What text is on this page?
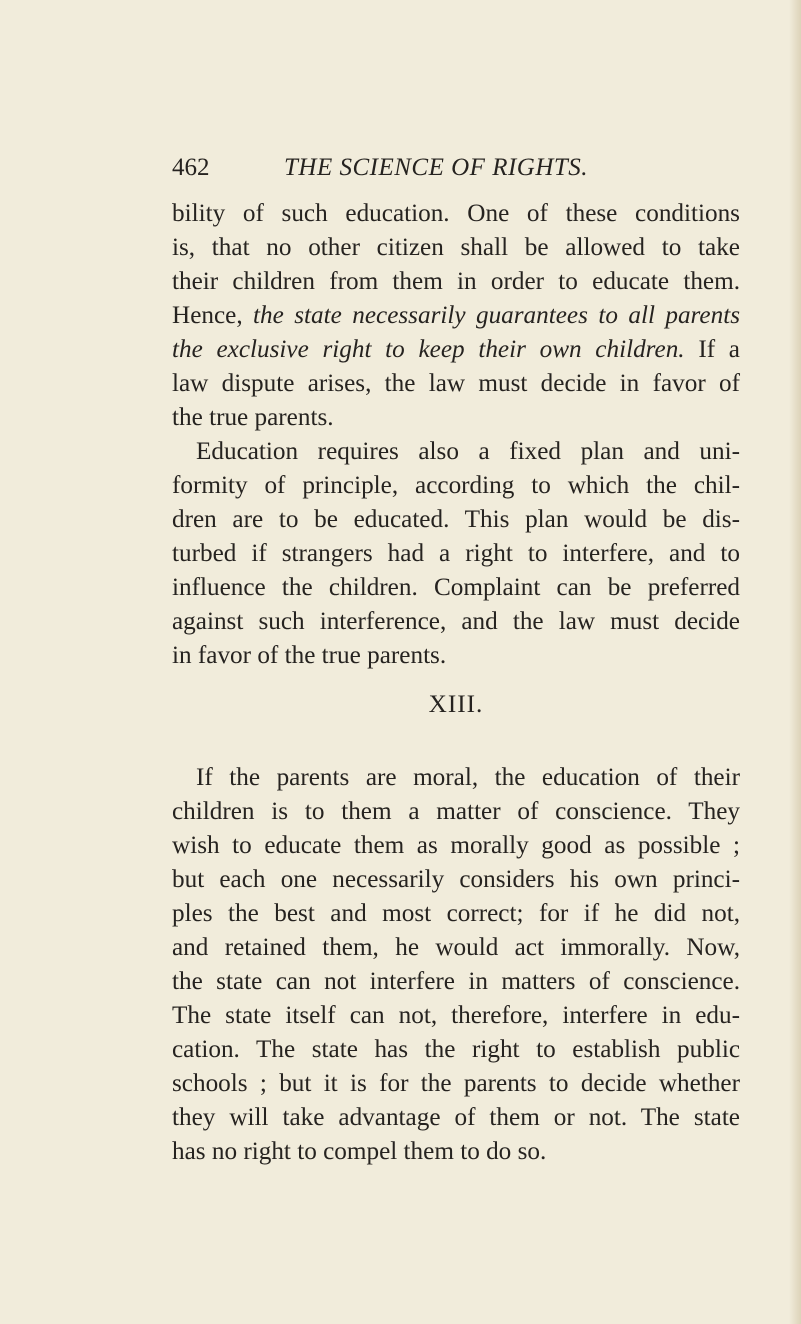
462	THE SCIENCE OF RIGHTS.
bility of such education. One of these conditions
is, that no other citizen shall be allowed to take
their children from them in order to educate them.
Hence, the state necessarily guarantees to all parents
the exclusive right to keep their own children. If a
law dispute arises, the law must decide in favor of
the true parents.
Education requires also a fixed plan and uni-
formity of principle, according to which the chil-
dren are to be educated. This plan would be dis-
turbed if strangers had a right to interfere, and to
influence the children. Complaint can be preferred
against such interference, and the law must decide
in favor of the true parents.
XIII.
If the parents are moral, the education of their
children is to them a matter of conscience. They
wish to educate them as morally good as possible ;
but each one necessarily considers his own princi-
ples the best and most correct; for if he did not,
and retained them, he would act immorally. Now,
the state can not interfere in matters of conscience.
The state itself can not, therefore, interfere in edu-
cation. The state has the right to establish public
schools ; but it is for the parents to decide whether
they will take advantage of them or not. The state
has no right to compel them to do so.
